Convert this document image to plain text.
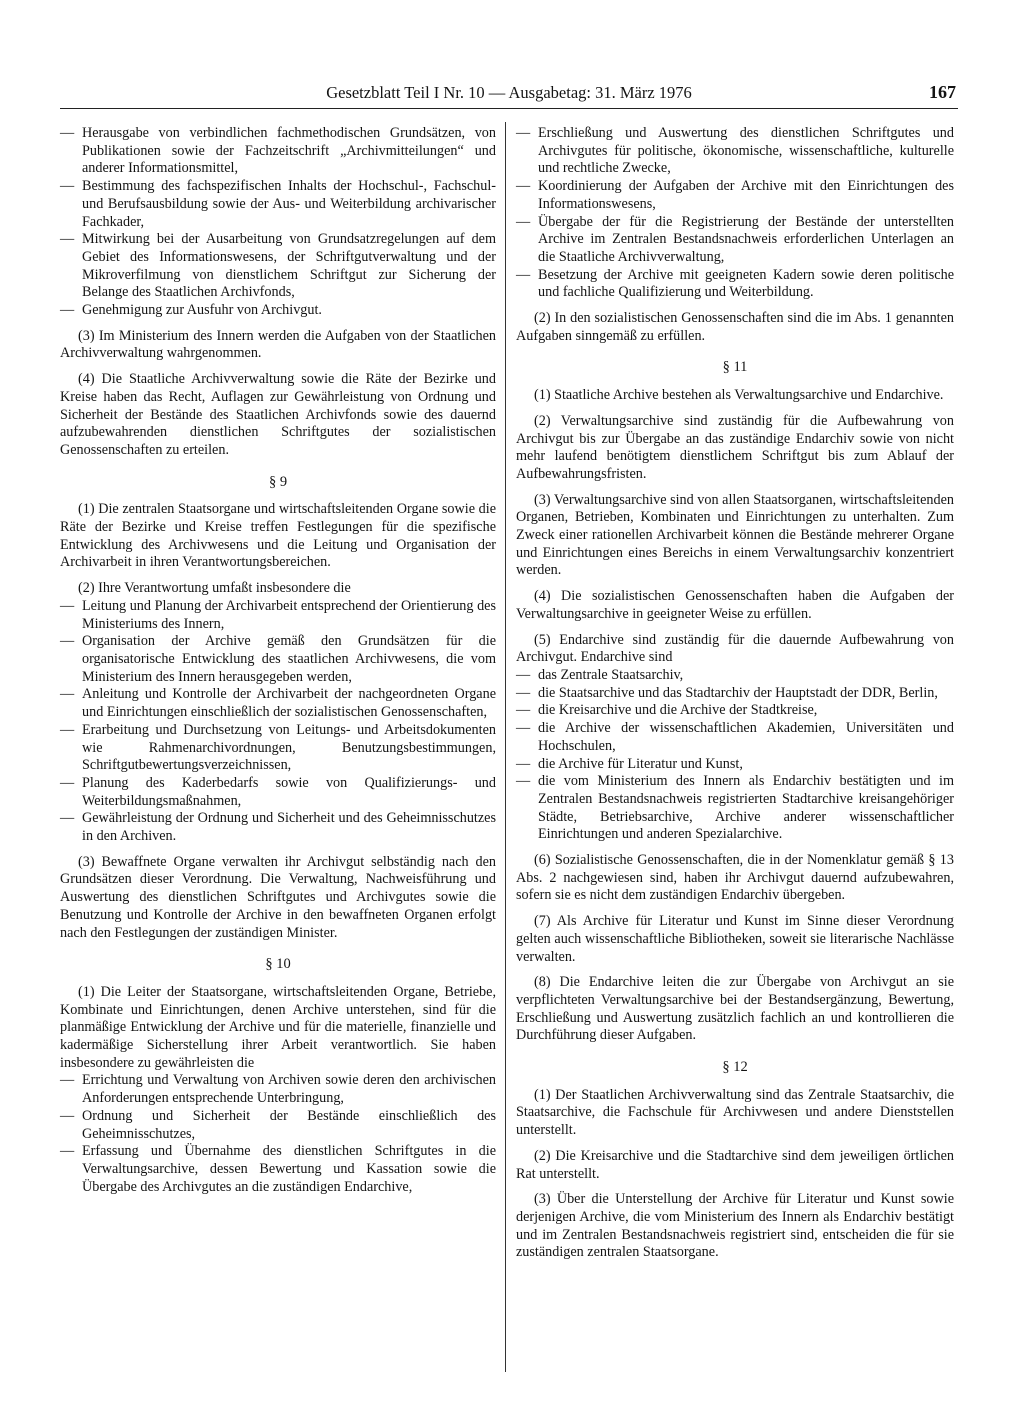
Gesetzblatt Teil I Nr. 10 — Ausgabetag: 31. März 1976	167

— Herausgabe von verbindlichen fachmethodischen Grundsätzen, von Publikationen sowie der Fachzeitschrift „Archivmitteilungen“ und anderer Informationsmittel,

— Bestimmung des fachspezifischen Inhalts der Hochschul-, Fachschul- und Berufsausbildung sowie der Aus- und Weiterbildung archivarischer Fachkader,

— Mitwirkung bei der Ausarbeitung von Grundsatzregelungen auf dem Gebiet des Informationswesens, der Schriftgutverwaltung und der Mikroverfilmung von dienstlichem Schriftgut zur Sicherung der Belange des Staatlichen Archivfonds,

— Genehmigung zur Ausfuhr von Archivgut.

(3) Im Ministerium des Innern werden die Aufgaben von der Staatlichen Archivverwaltung wahrgenommen.

(4) Die Staatliche Archivverwaltung sowie die Räte der Bezirke und Kreise haben das Recht, Auflagen zur Gewährleistung von Ordnung und Sicherheit der Bestände des Staatlichen Archivfonds sowie des dauernd aufzubewahrenden dienstlichen Schriftgutes der sozialistischen Genossenschaften zu erteilen.

§ 9

(1) Die zentralen Staatsorgane und wirtschaftsleitenden Organe sowie die Räte der Bezirke und Kreise treffen Festlegungen für die spezifische Entwicklung des Archivwesens und die Leitung und Organisation der Archivarbeit in ihren Verantwortungsbereichen.

(2) Ihre Verantwortung umfaßt insbesondere die

— Leitung und Planung der Archivarbeit entsprechend der Orientierung des Ministeriums des Innern,

— Organisation der Archive gemäß den Grundsätzen für die organisatorische Entwicklung des staatlichen Archivwesens, die vom Ministerium des Innern herausgegeben werden,

— Anleitung und Kontrolle der Archivarbeit der nachgeordneten Organe und Einrichtungen einschließlich der sozialistischen Genossenschaften,

— Erarbeitung und Durchsetzung von Leitungs- und Arbeitsdokumenten wie Rahmenarchivordnungen, Benutzungsbestimmungen, Schriftgutbewertungsverzeichnissen,

— Planung des Kaderbedarfs sowie von Qualifizierungs- und Weiterbildungsmaßnahmen,

— Gewährleistung der Ordnung und Sicherheit und des Geheimnisschutzes in den Archiven.

(3) Bewaffnete Organe verwalten ihr Archivgut selbständig nach den Grundsätzen dieser Verordnung. Die Verwaltung, Nachweisführung und Auswertung des dienstlichen Schriftgutes und Archivgutes sowie die Benutzung und Kontrolle der Archive in den bewaffneten Organen erfolgt nach den Festlegungen der zuständigen Minister.

§ 10

(1) Die Leiter der Staatsorgane, wirtschaftsleitenden Organe, Betriebe, Kombinate und Einrichtungen, denen Archive unterstehen, sind für die planmäßige Entwicklung der Archive und für die materielle, finanzielle und kadermäßige Sicherstellung ihrer Arbeit verantwortlich. Sie haben insbesondere zu gewährleisten die

— Errichtung und Verwaltung von Archiven sowie deren den archivischen Anforderungen entsprechende Unterbringung,

— Ordnung und Sicherheit der Bestände einschließlich des Geheimnisschutzes,

— Erfassung und Übernahme des dienstlichen Schriftgutes in die Verwaltungsarchive, dessen Bewertung und Kassation sowie die Übergabe des Archivgutes an die zuständigen Endarchive,

— Erschließung und Auswertung des dienstlichen Schriftgutes und Archivgutes für politische, ökonomische, wissenschaftliche, kulturelle und rechtliche Zwecke,

— Koordinierung der Aufgaben der Archive mit den Einrichtungen des Informationswesens,

— Übergabe der für die Registrierung der Bestände der unterstellten Archive im Zentralen Bestandsnachweis erforderlichen Unterlagen an die Staatliche Archivverwaltung,

— Besetzung der Archive mit geeigneten Kadern sowie deren politische und fachliche Qualifizierung und Weiterbildung.

(2) In den sozialistischen Genossenschaften sind die im Abs. 1 genannten Aufgaben sinngemäß zu erfüllen.

§ 11

(1) Staatliche Archive bestehen als Verwaltungsarchive und Endarchive.

(2) Verwaltungsarchive sind zuständig für die Aufbewahrung von Archivgut bis zur Übergabe an das zuständige Endarchiv sowie von nicht mehr laufend benötigtem dienstlichem Schriftgut bis zum Ablauf der Aufbewahrungsfristen.

(3) Verwaltungsarchive sind von allen Staatsorganen, wirtschaftsleitenden Organen, Betrieben, Kombinaten und Einrichtungen zu unterhalten. Zum Zweck einer rationellen Archivarbeit können die Bestände mehrerer Organe und Einrichtungen eines Bereichs in einem Verwaltungsarchiv konzentriert werden.

(4) Die sozialistischen Genossenschaften haben die Aufgaben der Verwaltungsarchive in geeigneter Weise zu erfüllen.

(5) Endarchive sind zuständig für die dauernde Aufbewahrung von Archivgut. Endarchive sind

— das Zentrale Staatsarchiv,

— die Staatsarchive und das Stadtarchiv der Hauptstadt der DDR, Berlin,

— die Kreisarchive und die Archive der Stadtkreise,

— die Archive der wissenschaftlichen Akademien, Universitäten und Hochschulen,

— die Archive für Literatur und Kunst,

— die vom Ministerium des Innern als Endarchiv bestätigten und im Zentralen Bestandsnachweis registrierten Stadtarchive kreisangehöriger Städte, Betriebsarchive, Archive anderer wissenschaftlicher Einrichtungen und anderen Spezialarchive.

(6) Sozialistische Genossenschaften, die in der Nomenklatur gemäß § 13 Abs. 2 nachgewiesen sind, haben ihr Archivgut dauernd aufzubewahren, sofern sie es nicht dem zuständigen Endarchiv übergeben.

(7) Als Archive für Literatur und Kunst im Sinne dieser Verordnung gelten auch wissenschaftliche Bibliotheken, soweit sie literarische Nachlässe verwalten.

(8) Die Endarchive leiten die zur Übergabe von Archivgut an sie verpflichteten Verwaltungsarchive bei der Bestandsergänzung, Bewertung, Erschließung und Auswertung zusätzlich fachlich an und kontrollieren die Durchführung dieser Aufgaben.

§ 12

(1) Der Staatlichen Archivverwaltung sind das Zentrale Staatsarchiv, die Staatsarchive, die Fachschule für Archivwesen und andere Dienststellen unterstellt.

(2) Die Kreisarchive und die Stadtarchive sind dem jeweiligen örtlichen Rat unterstellt.

(3) Über die Unterstellung der Archive für Literatur und Kunst sowie derjenigen Archive, die vom Ministerium des Innern als Endarchiv bestätigt und im Zentralen Bestandsnachweis registriert sind, entscheiden die für sie zuständigen zentralen Staatsorgane.
